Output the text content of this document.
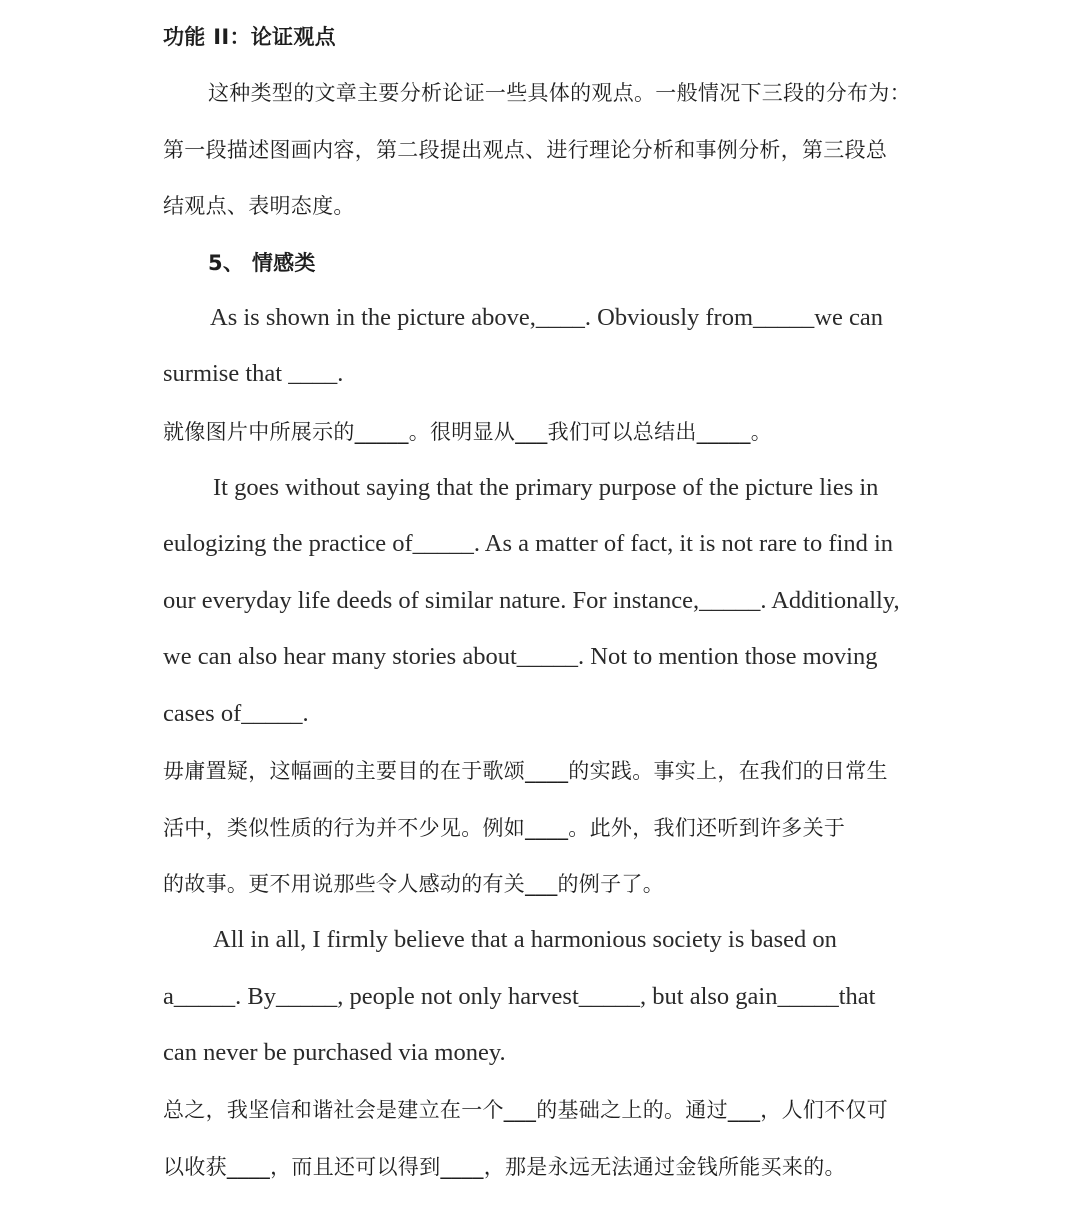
功能 II：论证观点
这种类型的文章主要分析论证一些具体的观点。一般情况下三段的分布为：
第一段描述图画内容，第二段提出观点、进行理论分析和事例分析，第三段总
结观点、表明态度。
5、 情感类
As is shown in the picture above,____. Obviously from_____we can
surmise that ____.
就像图片中所展示的_____。很明显从___我们可以总结出_____。
It goes without saying that the primary purpose of the picture lies in
eulogizing the practice of_____. As a matter of fact, it is not rare to find in
our everyday life deeds of similar nature. For instance,_____. Additionally,
we can also hear many stories about_____. Not to mention those moving
cases of_____.
毋庸置疑，这幅画的主要目的在于歌颂____的实践。事实上，在我们的日常生
活中，类似性质的行为并不少见。例如____。此外，我们还听到许多关于
的故事。更不用说那些令人感动的有关___的例子了。
All in all, I firmly believe that a harmonious society is based on
a_____. By_____, people not only harvest_____, but also gain_____that
can never be purchased via money.
总之，我坚信和谐社会是建立在一个___的基础之上的。通过___，人们不仅可
以收获____，而且还可以得到____，那是永远无法通过金钱所能买来的。
